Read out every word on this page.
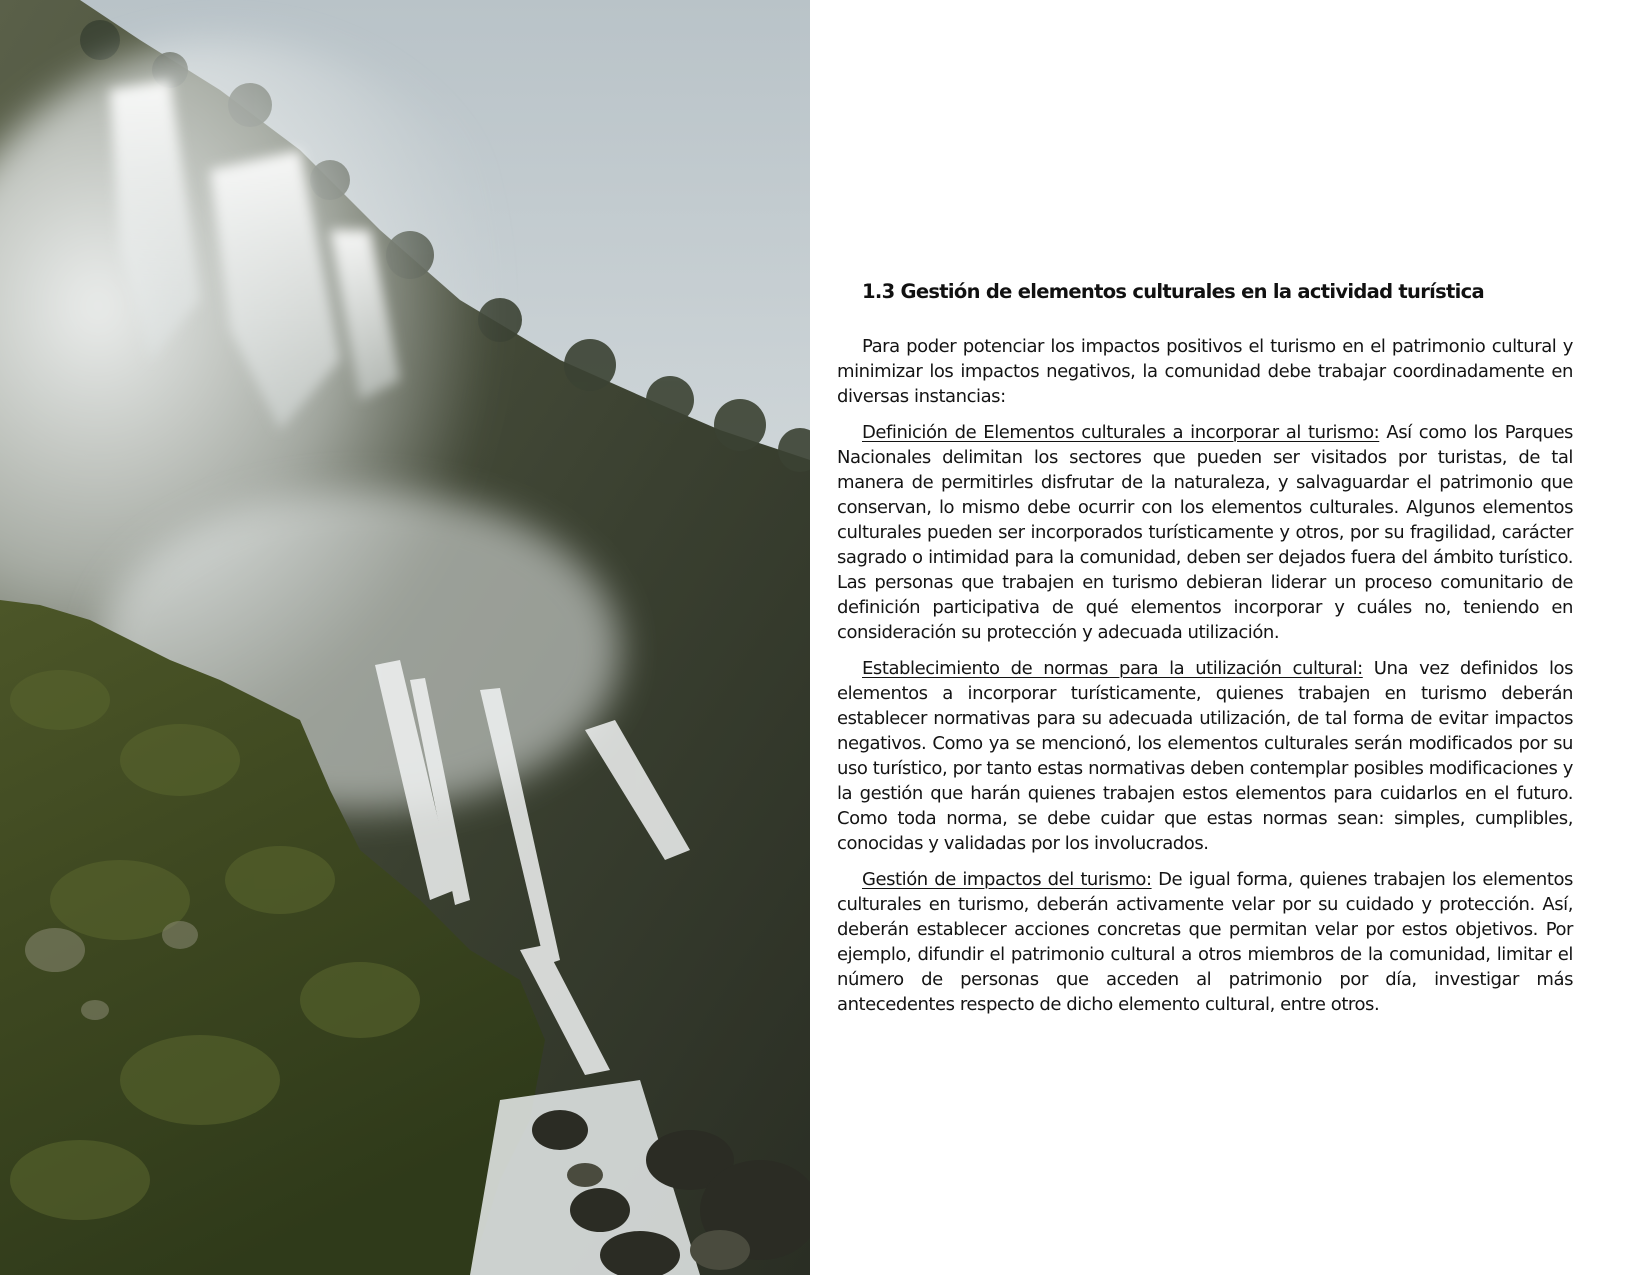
1.3 Gestión de elementos culturales en la actividad turística

Para poder potenciar los impactos positivos el turismo en el patrimonio cultural y minimizar los impactos negativos, la comunidad debe trabajar coordinadamente en diversas instancias:

Definición de Elementos culturales a incorporar al turismo: Así como los Parques Nacionales delimitan los sectores que pueden ser visitados por turistas, de tal manera de permitirles disfrutar de la naturaleza, y salvaguardar el patrimonio que conservan, lo mismo debe ocurrir con los elementos culturales. Algunos elementos culturales pueden ser incorporados turísticamente y otros, por su fragilidad, carácter sagrado o intimidad para la comunidad, deben ser dejados fuera del ámbito turístico. Las personas que trabajen en turismo debieran liderar un proceso comunitario de definición participativa de qué elementos incorporar y cuáles no, teniendo en consideración su protección y adecuada utilización.

Establecimiento de normas para la utilización cultural: Una vez definidos los elementos a incorporar turísticamente, quienes trabajen en turismo deberán establecer normativas para su adecuada utilización, de tal forma de evitar impactos negativos. Como ya se mencionó, los elementos culturales serán modificados por su uso turístico, por tanto estas normativas deben contemplar posibles modificaciones y la gestión que harán quienes trabajen estos elementos para cuidarlos en el futuro. Como toda norma, se debe cuidar que estas normas sean: simples, cumplibles, conocidas y validadas por los involucrados.

Gestión de impactos del turismo: De igual forma, quienes trabajen los elementos culturales en turismo, deberán activamente velar por su cuidado y protección. Así, deberán establecer acciones concretas que permitan velar por estos objetivos. Por ejemplo, difundir el patrimonio cultural a otros miembros de la comunidad, limitar el número de personas que acceden al patrimonio por día, investigar más antecedentes respecto de dicho elemento cultural, entre otros.
